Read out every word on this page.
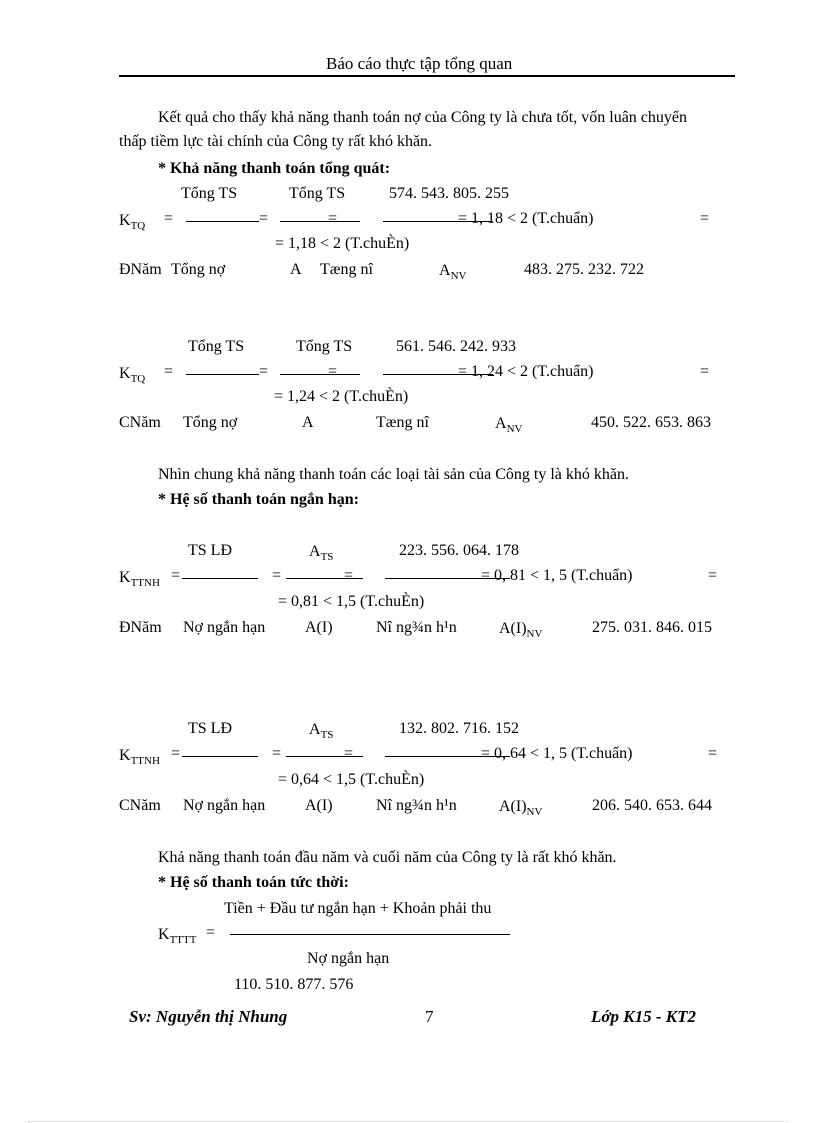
Báo cáo thực tập tổng quan
Kết quả cho thấy khả năng thanh toán nợ của Công ty là chưa tốt, vốn luân chuyển
thấp tiềm lực tài chính của Công ty rất khó khăn.
* Khả năng thanh toán tổng quát:
Tổng TS	Tổng TS	574. 543. 805. 255
$K_{TQ}$ =	=	=	= 1, 18 < 2 (T.chuẩn)	=
= 1,18 < 2 (T.chuÈn)
ĐNăm Tổng nợ	A Tæng nî	$A_{NV}$	483. 275. 232. 722
Tổng TS	Tổng TS	561. 546. 242. 933
$K_{TQ}$ =	=	=	= 1, 24 < 2 (T.chuẩn)	=
= 1,24 < 2 (T.chuÈn)
CNăm Tổng nợ	A	Tæng nî	$A_{NV}$	450. 522. 653. 863
Nhìn chung khả năng thanh toán các loại tài sản của Công ty là khó khăn.
* Hệ số thanh toán ngắn hạn:
TS LĐ	$A_{TS}$	223. 556. 064. 178
$K_{TTNH}$ =	=	=	= 0, 81 < 1, 5 (T.chuẩn)	=
= 0,81 < 1,5 (T.chuÈn)
ĐNăm Nợ ngắn hạn A(I)	Nî ng¾n h¹n	$A(I)_{NV}$	275. 031. 846. 015
TS LĐ	$A_{TS}$	132. 802. 716. 152
$K_{TTNH}$ =	=	=	= 0, 64 < 1, 5 (T.chuẩn)	=
= 0,64 < 1,5 (T.chuÈn)
CNăm Nợ ngắn hạn A(I)	Nî ng¾n h¹n	$A(I)_{NV}$	206. 540. 653. 644
Khả năng thanh toán đầu năm và cuối năm của Công ty là rất khó khăn.
* Hệ số thanh toán tức thời:
Tiền + Đầu tư ngắn hạn + Khoản phải thu
$K_{TTTT}$ =
Nợ ngắn hạn
110. 510. 877. 576
Sv: Nguyễn thị Nhung	7	Lớp K15 - KT2
